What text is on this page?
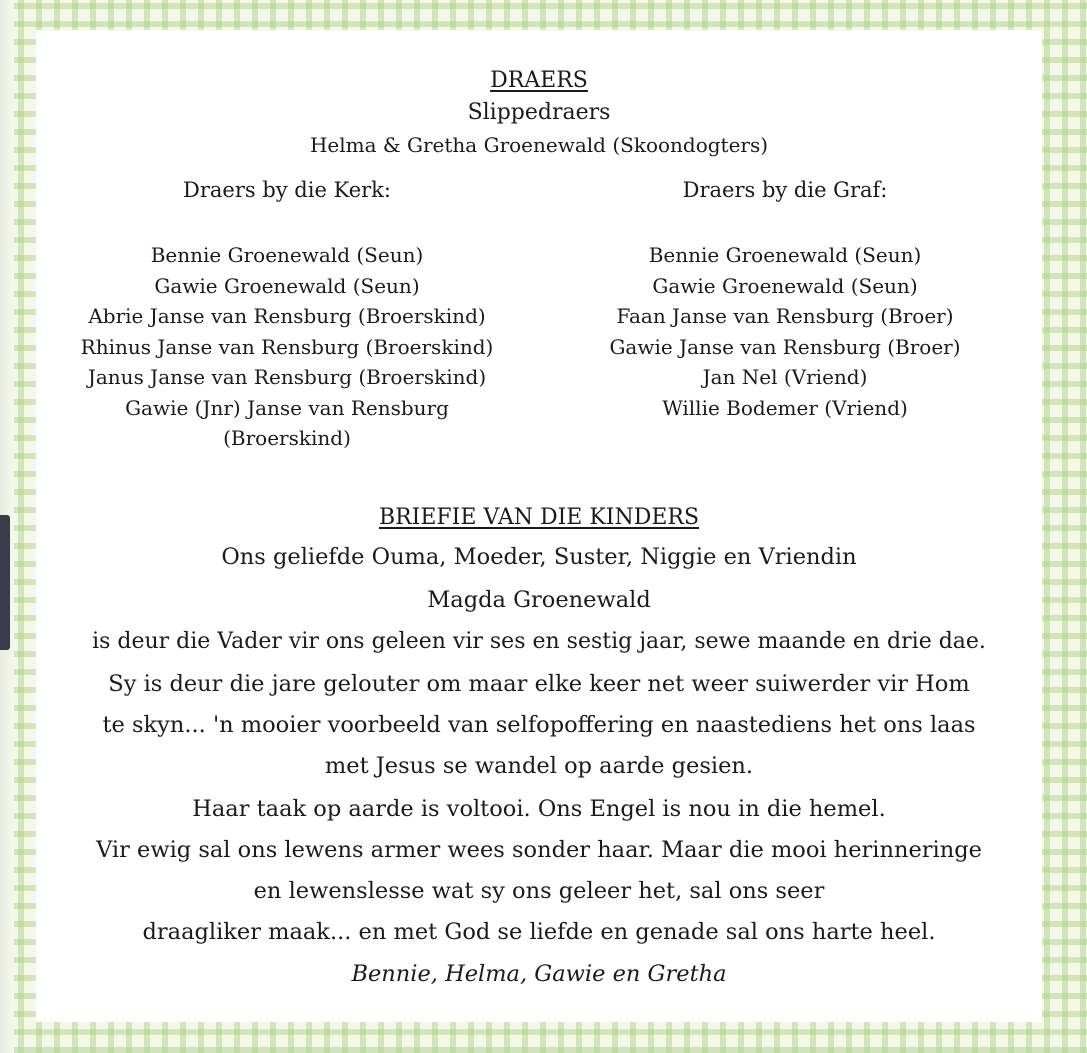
DRAERS
Slippedraers
Helma & Gretha Groenewald (Skoondogters)
Draers by die Kerk:
Bennie Groenewald (Seun)
Gawie Groenewald (Seun)
Abrie Janse van Rensburg (Broerskind)
Rhinus Janse van Rensburg (Broerskind)
Janus Janse van Rensburg (Broerskind)
Gawie (Jnr) Janse van Rensburg
(Broerskind)
Draers by die Graf:
Bennie Groenewald (Seun)
Gawie Groenewald (Seun)
Faan Janse van Rensburg (Broer)
Gawie Janse van Rensburg (Broer)
Jan Nel (Vriend)
Willie Bodemer (Vriend)
BRIEFIE VAN DIE KINDERS
Ons geliefde Ouma, Moeder, Suster, Niggie en Vriendin
Magda Groenewald
is deur die Vader vir ons geleen vir ses en sestig jaar, sewe maande en drie dae.
Sy is deur die jare gelouter om maar elke keer net weer suiwerder vir Hom
te skyn... 'n mooier voorbeeld van selfopoffering en naastediens het ons laas
met Jesus se wandel op aarde gesien.
Haar taak op aarde is voltooi. Ons Engel is nou in die hemel.
Vir ewig sal ons lewens armer wees sonder haar. Maar die mooi herinneringe
en lewenslesse wat sy ons geleer het, sal ons seer
draagliker maak... en met God se liefde en genade sal ons harte heel.
Bennie, Helma, Gawie en Gretha
